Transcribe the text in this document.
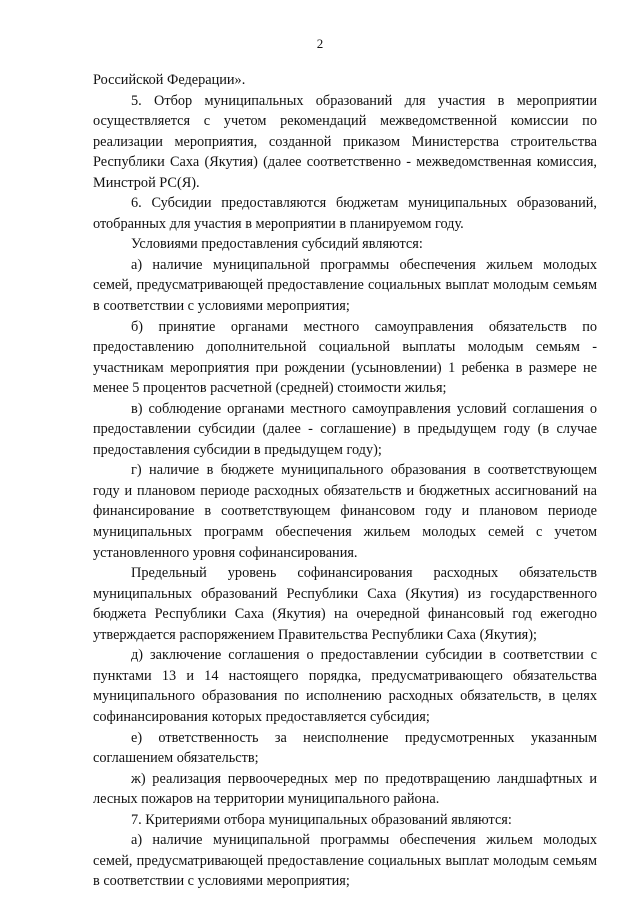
2

Российской Федерации».

5. Отбор муниципальных образований для участия в мероприятии осуществляется с учетом рекомендаций межведомственной комиссии по реализации мероприятия, созданной приказом Министерства строительства Республики Саха (Якутия) (далее соответственно - межведомственная комиссия, Минстрой РС(Я).

6. Субсидии предоставляются бюджетам муниципальных образований, отобранных для участия в мероприятии в планируемом году.

Условиями предоставления субсидий являются:

а) наличие муниципальной программы обеспечения жильем молодых семей, предусматривающей предоставление социальных выплат молодым семьям в соответствии с условиями мероприятия;

б) принятие органами местного самоуправления обязательств по предоставлению дополнительной социальной выплаты молодым семьям - участникам мероприятия при рождении (усыновлении) 1 ребенка в размере не менее 5 процентов расчетной (средней) стоимости жилья;

в) соблюдение органами местного самоуправления условий соглашения о предоставлении субсидии (далее - соглашение) в предыдущем году (в случае предоставления субсидии в предыдущем году);

г) наличие в бюджете муниципального образования в соответствующем году и плановом периоде расходных обязательств и бюджетных ассигнований на финансирование в соответствующем финансовом году и плановом периоде муниципальных программ обеспечения жильем молодых семей с учетом установленного уровня софинансирования.

Предельный уровень софинансирования расходных обязательств муниципальных образований Республики Саха (Якутия) из государственного бюджета Республики Саха (Якутия) на очередной финансовый год ежегодно утверждается распоряжением Правительства Республики Саха (Якутия);

д) заключение соглашения о предоставлении субсидии в соответствии с пунктами 13 и 14 настоящего порядка, предусматривающего обязательства муниципального образования по исполнению расходных обязательств, в целях софинансирования которых предоставляется субсидия;

е) ответственность за неисполнение предусмотренных указанным соглашением обязательств;

ж) реализация первоочередных мер по предотвращению ландшафтных и лесных пожаров на территории муниципального района.

7. Критериями отбора муниципальных образований являются:

а) наличие муниципальной программы обеспечения жильем молодых семей, предусматривающей предоставление социальных выплат молодым семьям в соответствии с условиями мероприятия;
